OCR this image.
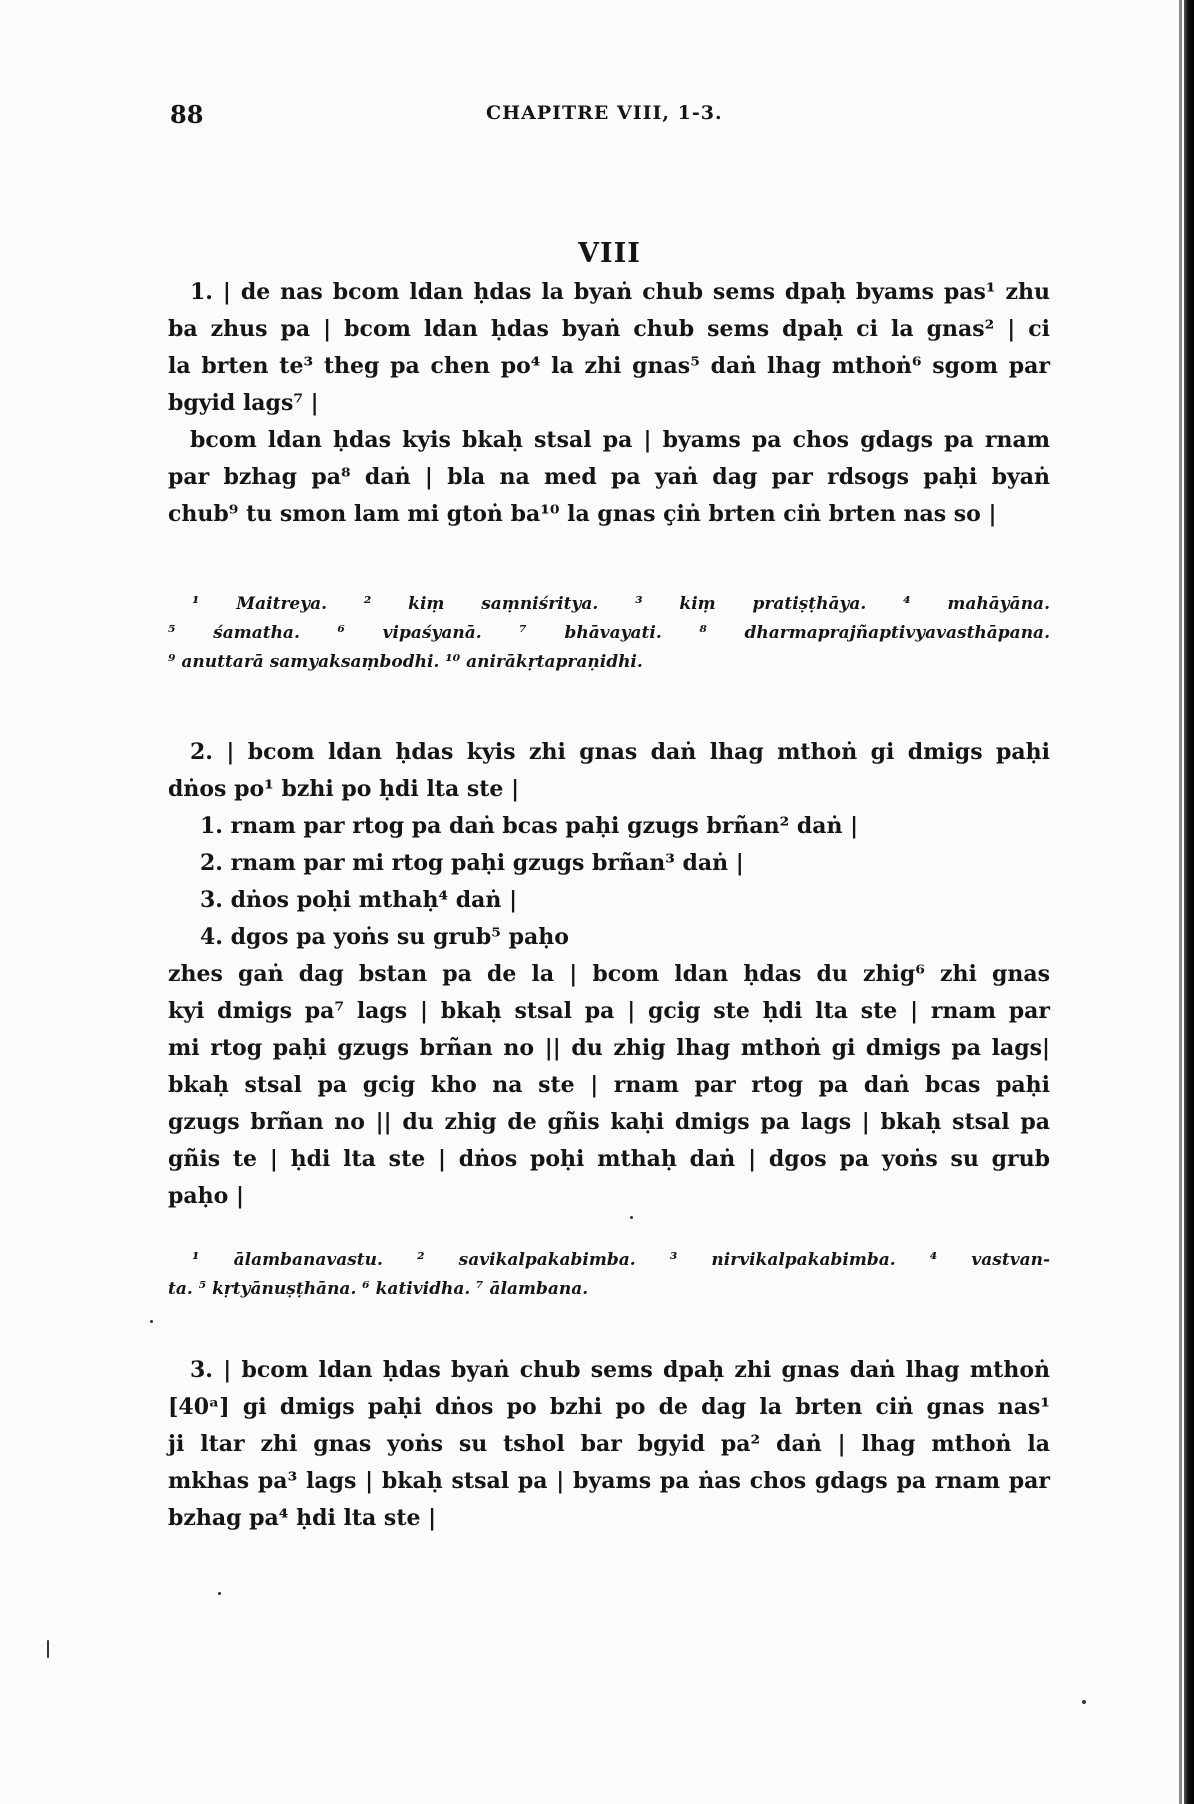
88	CHAPITRE VIII, 1-3.
VIII
1. | de nas bcom ldan ḥdas la byaṅ chub sems dpaḥ byams pas¹ zhu
ba zhus pa | bcom ldan ḥdas byaṅ chub sems dpaḥ ci la gnas² | ci
la brten te³ theg pa chen po⁴ la zhi gnas⁵ daṅ lhag mthoṅ⁶ sgom par
bgyid lags⁷ |
bcom ldan ḥdas kyis bkaḥ stsal pa | byams pa chos gdags pa rnam
par bzhag pa⁸ daṅ | bla na med pa yaṅ dag par rdsogs paḥi byaṅ
chub⁹ tu smon lam mi gtoṅ ba¹⁰ la gnas çiṅ brten ciṅ brten nas so |
¹ Maitreya. ² kiṃ saṃniśritya. ³ kiṃ pratiṣṭhāya. ⁴ mahāyāna.
⁵ śamatha. ⁶ vipaśyanā. ⁷ bhāvayati. ⁸ dharmaprajñaptivyavasthāpana.
⁹ anuttarā samyaksaṃbodhi. ¹⁰ anirākṛtapraṇidhi.
2. | bcom ldan ḥdas kyis zhi gnas daṅ lhag mthoṅ gi dmigs paḥi
dṅos po¹ bzhi po ḥdi lta ste |
1. rnam par rtog pa daṅ bcas paḥi gzugs brñan² daṅ |
2. rnam par mi rtog paḥi gzugs brñan³ daṅ |
3. dṅos poḥi mthaḥ⁴ daṅ |
4. dgos pa yoṅs su grub⁵ paḥo
zhes gaṅ dag bstan pa de la | bcom ldan ḥdas du zhig⁶ zhi gnas
kyi dmigs pa⁷ lags | bkaḥ stsal pa | gcig ste ḥdi lta ste | rnam par
mi rtog paḥi gzugs brñan no || du zhig lhag mthoṅ gi dmigs pa lags|
bkaḥ stsal pa gcig kho na ste | rnam par rtog pa daṅ bcas paḥi
gzugs brñan no || du zhig de gñis kaḥi dmigs pa lags | bkaḥ stsal pa
gñis te | ḥdi lta ste | dṅos poḥi mthaḥ daṅ | dgos pa yoṅs su grub
paḥo |
¹ ālambanavastu. ² savikalpakabimba. ³ nirvikalpakabimba. ⁴ vastvan-
ta. ⁵ kṛtyānuṣṭhāna. ⁶ katividha. ⁷ ālambana.
3. | bcom ldan ḥdas byaṅ chub sems dpaḥ zhi gnas daṅ lhag mthoṅ
[40ᵃ] gi dmigs paḥi dṅos po bzhi po de dag la brten ciṅ gnas nas¹
ji ltar zhi gnas yoṅs su tshol bar bgyid pa² daṅ | lhag mthoṅ la
mkhas pa³ lags | bkaḥ stsal pa | byams pa ṅas chos gdags pa rnam par
bzhag pa⁴ ḥdi lta ste |
